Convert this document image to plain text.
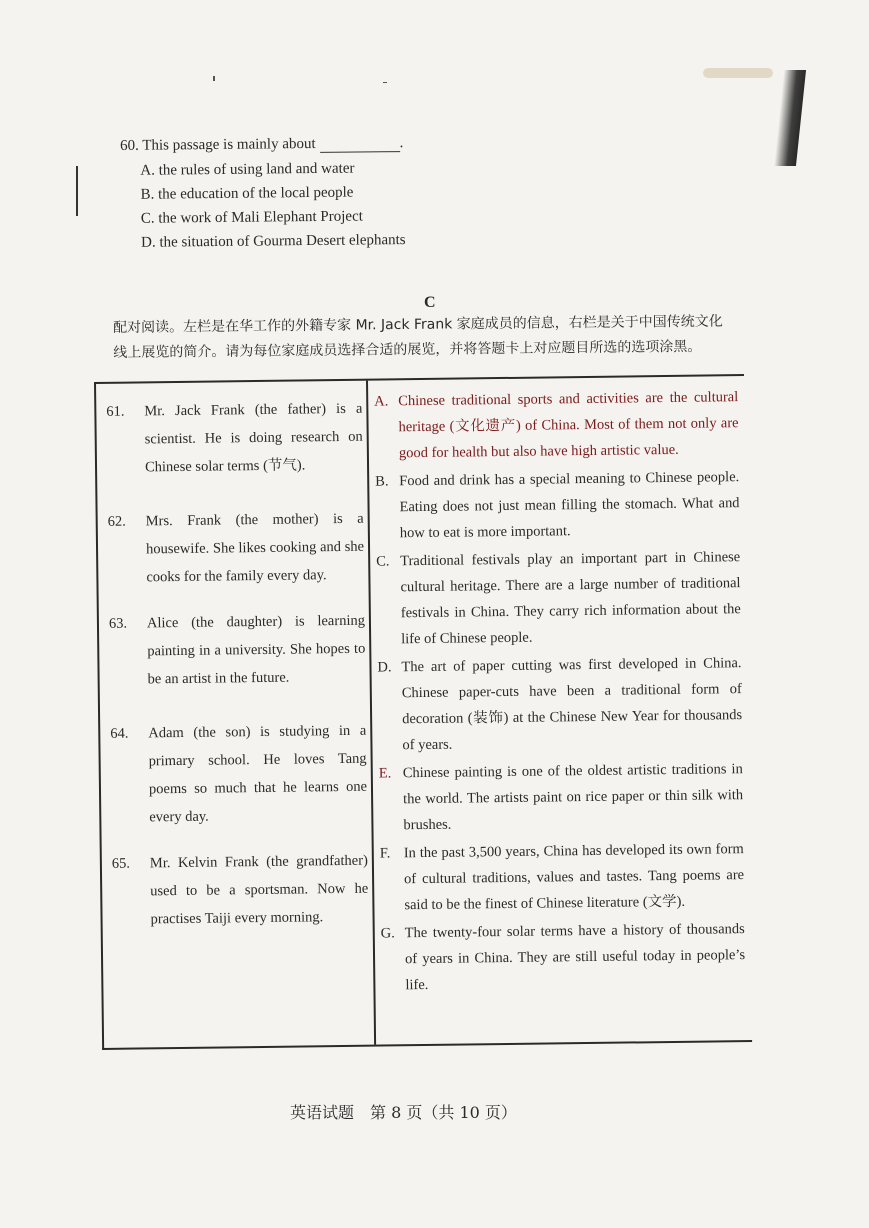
60. This passage is mainly about	.
A. the rules of using land and water
B. the education of the local people
C. the work of Mali Elephant Project
D. the situation of Gourma Desert elephants
C
配对阅读。左栏是在华工作的外籍专家 Mr. Jack Frank 家庭成员的信息，右栏是关于中国传统文化线上展览的简介。请为每位家庭成员选择合适的展览，并将答题卡上对应题目所选的选项涂黑。
61. Mr. Jack Frank (the father) is a scientist. He is doing research on Chinese solar terms (节气).
62. Mrs. Frank (the mother) is a housewife. She likes cooking and she cooks for the family every day.
63. Alice (the daughter) is learning painting in a university. She hopes to be an artist in the future.
64. Adam (the son) is studying in a primary school. He loves Tang poems so much that he learns one every day.
65. Mr. Kelvin Frank (the grandfather) used to be a sportsman. Now he practises Taiji every morning.
A. Chinese traditional sports and activities are the cultural heritage (文化遗产) of China. Most of them not only are good for health but also have high artistic value.
B. Food and drink has a special meaning to Chinese people. Eating does not just mean filling the stomach. What and how to eat is more important.
C. Traditional festivals play an important part in Chinese cultural heritage. There are a large number of traditional festivals in China. They carry rich information about the life of Chinese people.
D. The art of paper cutting was first developed in China. Chinese paper-cuts have been a traditional form of decoration (装饰) at the Chinese New Year for thousands of years.
E. Chinese painting is one of the oldest artistic traditions in the world. The artists paint on rice paper or thin silk with brushes.
F. In the past 3,500 years, China has developed its own form of cultural traditions, values and tastes. Tang poems are said to be the finest of Chinese literature (文学).
G. The twenty-four solar terms have a history of thousands of years in China. They are still useful today in people’s life.
英语试题　第 8 页（共 10 页）
